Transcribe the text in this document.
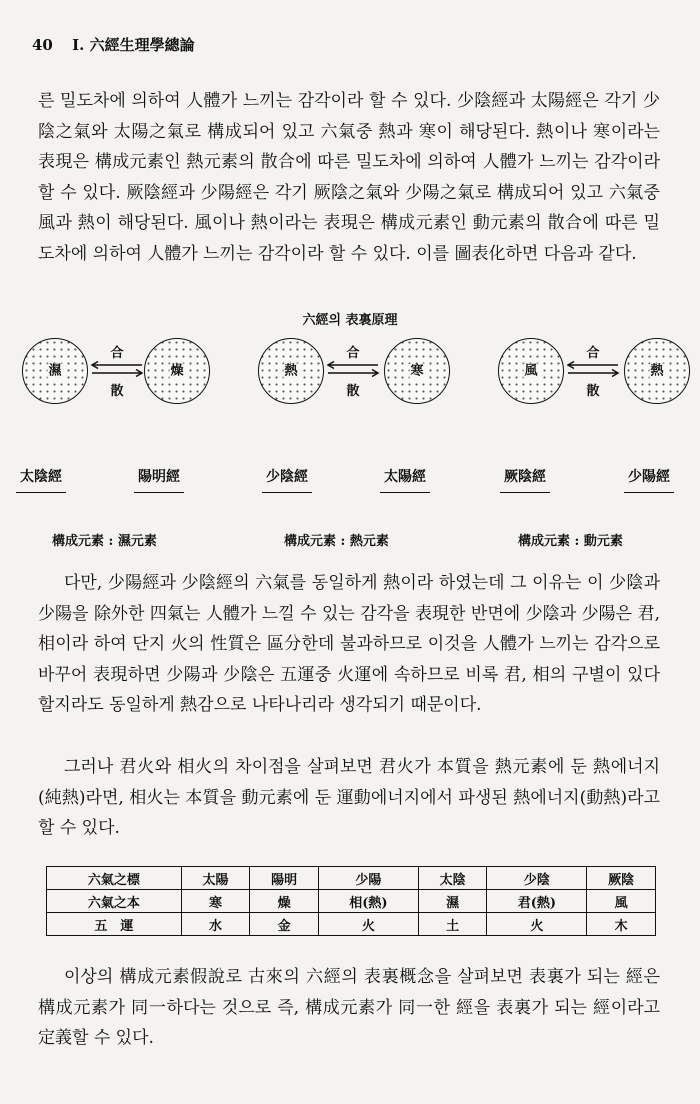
40 I. 六經生理學總論

른 밀도차에 의하여 人體가 느끼는 감각이라 할 수 있다. 少陰經과 太陽經은 각기 少陰之氣와 太陽之氣로 構成되어 있고 六氣중 熱과 寒이 해당된다. 熱이나 寒이라는 表現은 構成元素인 熱元素의 散合에 따른 밀도차에 의하여 人體가 느끼는 감각이라 할 수 있다. 厥陰經과 少陽經은 각기 厥陰之氣와 少陽之氣로 構成되어 있고 六氣중 風과 熱이 해당된다. 風이나 熱이라는 表現은 構成元素인 動元素의 散合에 따른 밀도차에 의하여 人體가 느끼는 감각이라 할 수 있다. 이를 圖表化하면 다음과 같다.

六經의 表裏原理
濕
合
散
燥	熱
合
散
寒	風
合
散
熱
太陰經	陽明經	少陰經	太陽經	厥陰經	少陽經
構成元素 : 濕元素	構成元素 : 熱元素	構成元素 : 動元素

다만, 少陽經과 少陰經의 六氣를 동일하게 熱이라 하였는데 그 이유는 이 少陰과 少陽을 除外한 四氣는 人體가 느낄 수 있는 감각을 表現한 반면에 少陰과 少陽은 君, 相이라 하여 단지 火의 性質은 區分한데 불과하므로 이것을 人體가 느끼는 감각으로 바꾸어 表現하면 少陽과 少陰은 五運중 火運에 속하므로 비록 君, 相의 구별이 있다 할지라도 동일하게 熱감으로 나타나리라 생각되기 때문이다.

그러나 君火와 相火의 차이점을 살펴보면 君火가 本質을 熱元素에 둔 熱에너지(純熱)라면, 相火는 本質을 動元素에 둔 運動에너지에서 파생된 熱에너지(動熱)라고 할 수 있다.

六氣之標	太陽	陽明	少陽	太陰	少陰	厥陰
六氣之本	寒	燥	相(熱)	濕	君(熱)	風
五　運	水	金	火	土	火	木

이상의 構成元素假說로 古來의 六經의 表裏概念을 살펴보면 表裏가 되는 經은 構成元素가 同一하다는 것으로 즉, 構成元素가 同一한 經을 表裏가 되는 經이라고 定義할 수 있다.
